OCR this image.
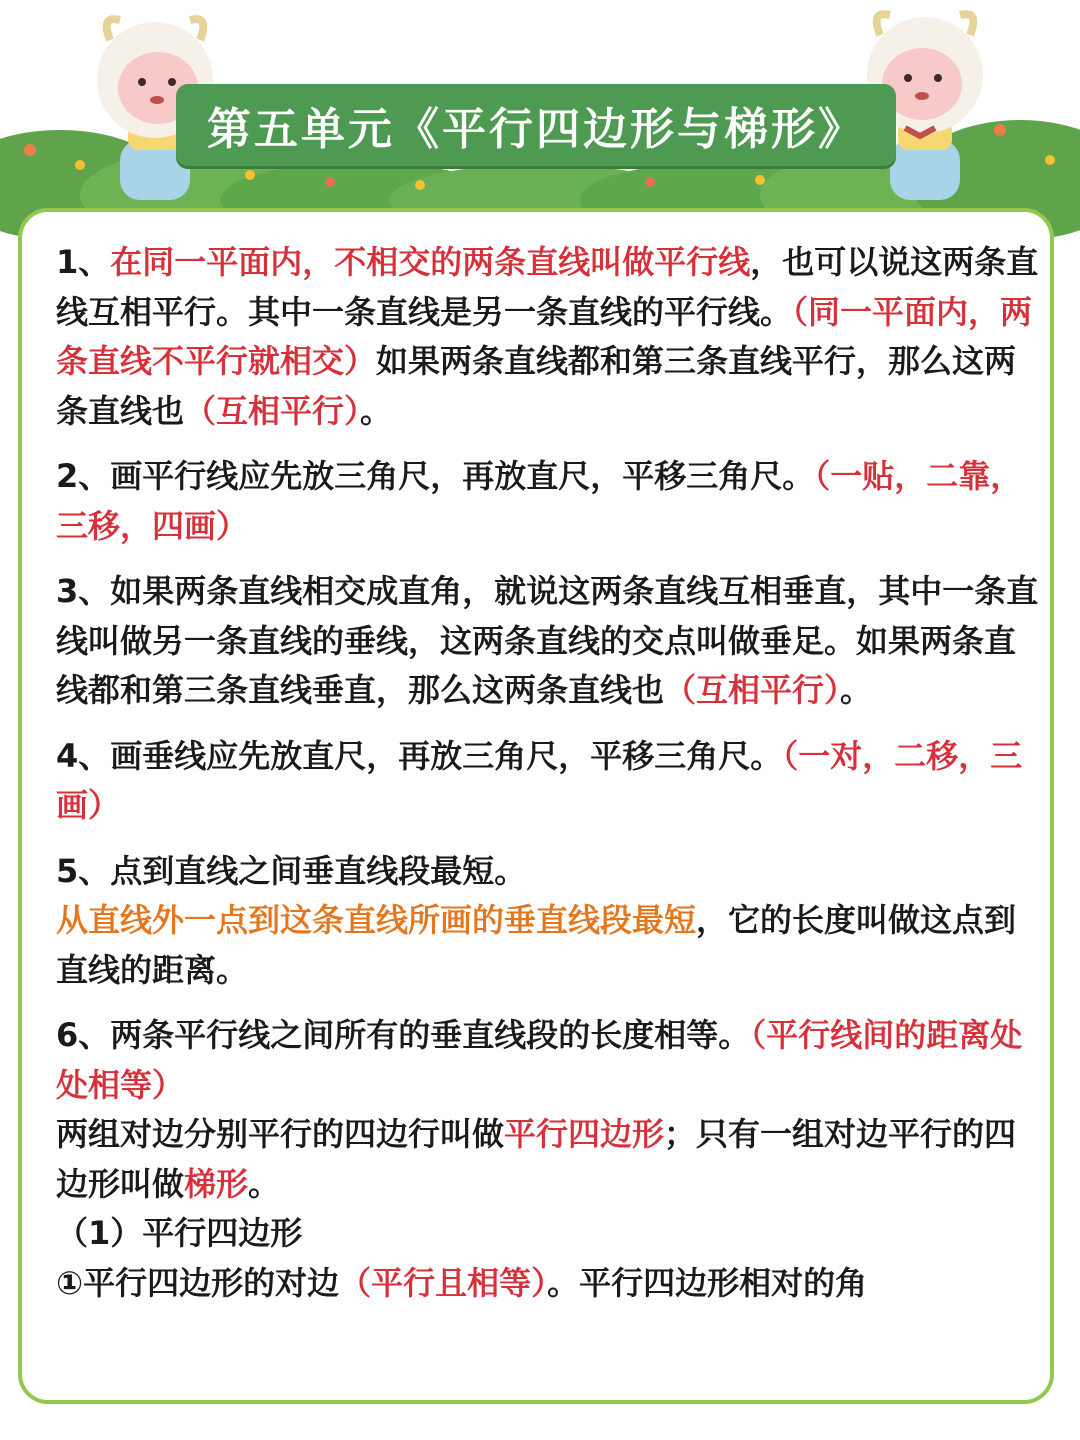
第五单元《平行四边形与梯形》
1、在同一平面内，不相交的两条直线叫做平行线，也可以说这两条直线互相平行。其中一条直线是另一条直线的平行线。（同一平面内，两条直线不平行就相交）如果两条直线都和第三条直线平行，那么这两条直线也（互相平行）。
2、画平行线应先放三角尺，再放直尺，平移三角尺。（一贴，二靠，三移，四画）
3、如果两条直线相交成直角，就说这两条直线互相垂直，其中一条直线叫做另一条直线的垂线，这两条直线的交点叫做垂足。如果两条直线都和第三条直线垂直，那么这两条直线也（互相平行）。
4、画垂线应先放直尺，再放三角尺，平移三角尺。（一对，二移，三画）
5、点到直线之间垂直线段最短。
从直线外一点到这条直线所画的垂直线段最短，它的长度叫做这点到直线的距离。
6、两条平行线之间所有的垂直线段的长度相等。（平行线间的距离处处相等）
两组对边分别平行的四边行叫做平行四边形；只有一组对边平行的四边形叫做梯形。
（1）平行四边形
①平行四边形的对边（平行且相等）。平行四边形相对的角
